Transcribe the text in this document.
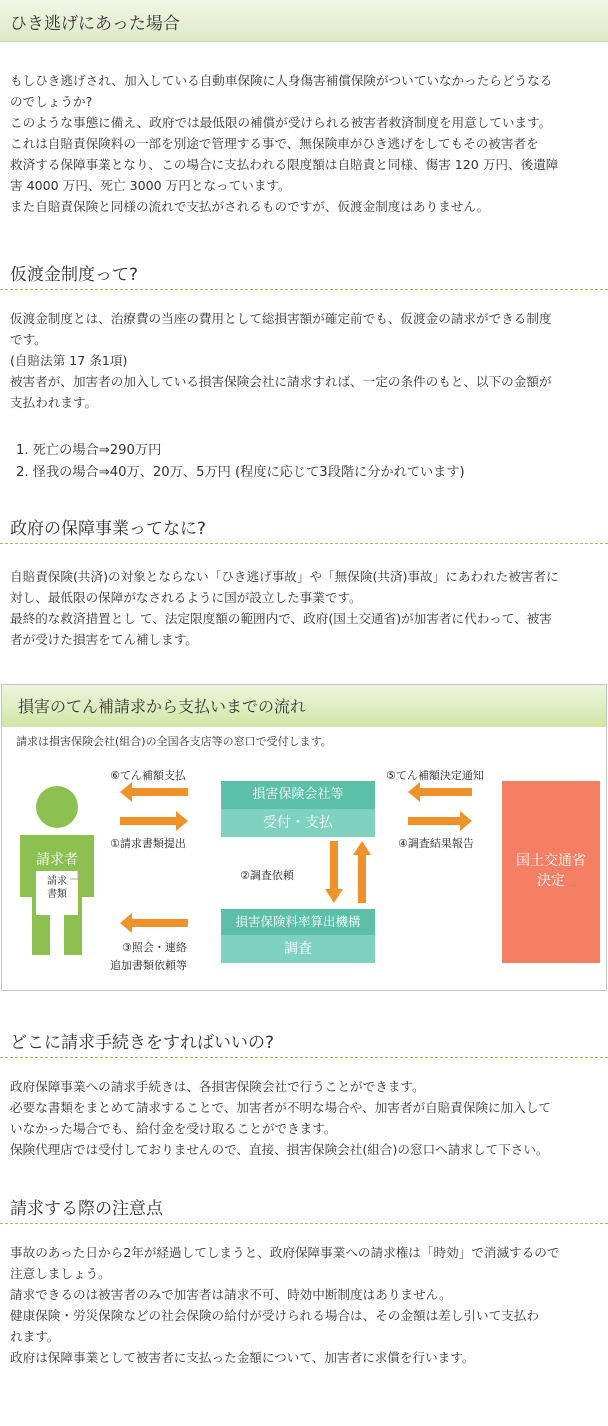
ひき逃げにあった場合

もしひき逃げされ、加入している自動車保険に人身傷害補償保険がついていなかったらどうなる

のでしょうか?

このような事態に備え、政府では最低限の補償が受けられる被害者救済制度を用意しています。

これは自賠責保険料の一部を別途で管理する事で、無保険車がひき逃げをしてもその被害者を

救済する保障事業となり、この場合に支払われる限度額は自賠責と同様、傷害 120 万円、後遺障

害 4000 万円、死亡 3000 万円となっています。

また自賠責保険と同様の流れで支払がされるものですが、仮渡金制度はありません。

仮渡金制度って?

仮渡金制度とは、治療費の当座の費用として総損害額が確定前でも、仮渡金の請求ができる制度

です。

(自賠法第 17 条1項)

被害者が、加害者の加入している損害保険会社に請求すれば、一定の条件のもと、以下の金額が

支払われます。

1. 死亡の場合⇒290万円
2. 怪我の場合⇒40万、20万、5万円 (程度に応じて3段階に分かれています)
政府の保障事業ってなに?

自賠責保険(共済)の対象とならない「ひき逃げ事故」や「無保険(共済)事故」にあわれた被害者に

対し、最低限の保障がなされるように国が設立した事業です。

最終的な救済措置とし て、法定限度額の範囲内で、政府(国土交通省)が加害者に代わって、被害

者が受けた損害をてん補します。

損害のてん補請求から支払いまでの流れ
請求は損害保険会社(組合)の全国各支店等の窓口で受付します。
請求者
請求
書類
⑥てん補額支払
①請求書類提出
③照会・連絡
追加書類依頼等
損害保険会社等
受付・支払
②調査依頼
損害保険料率算出機構
調査
⑤てん補額決定通知
④調査結果報告
国土交通省
決定
どこに請求手続きをすればいいの?

政府保障事業への請求手続きは、各損害保険会社で行うことができます。

必要な書類をまとめて請求することで、加害者が不明な場合や、加害者が自賠責保険に加入して

いなかった場合でも、給付金を受け取ることができます。

保険代理店では受付しておりませんので、直接、損害保険会社(組合)の窓口へ請求して下さい。

請求する際の注意点

事故のあった日から2年が経過してしまうと、政府保障事業への請求権は「時効」で消滅するので

注意しましょう。

請求できるのは被害者のみで加害者は請求不可、時効中断制度はありません。

健康保険・労災保険などの社会保険の給付が受けられる場合は、その金額は差し引いて支払わ

れます。

政府は保障事業として被害者に支払った金額について、加害者に求償を行います。
